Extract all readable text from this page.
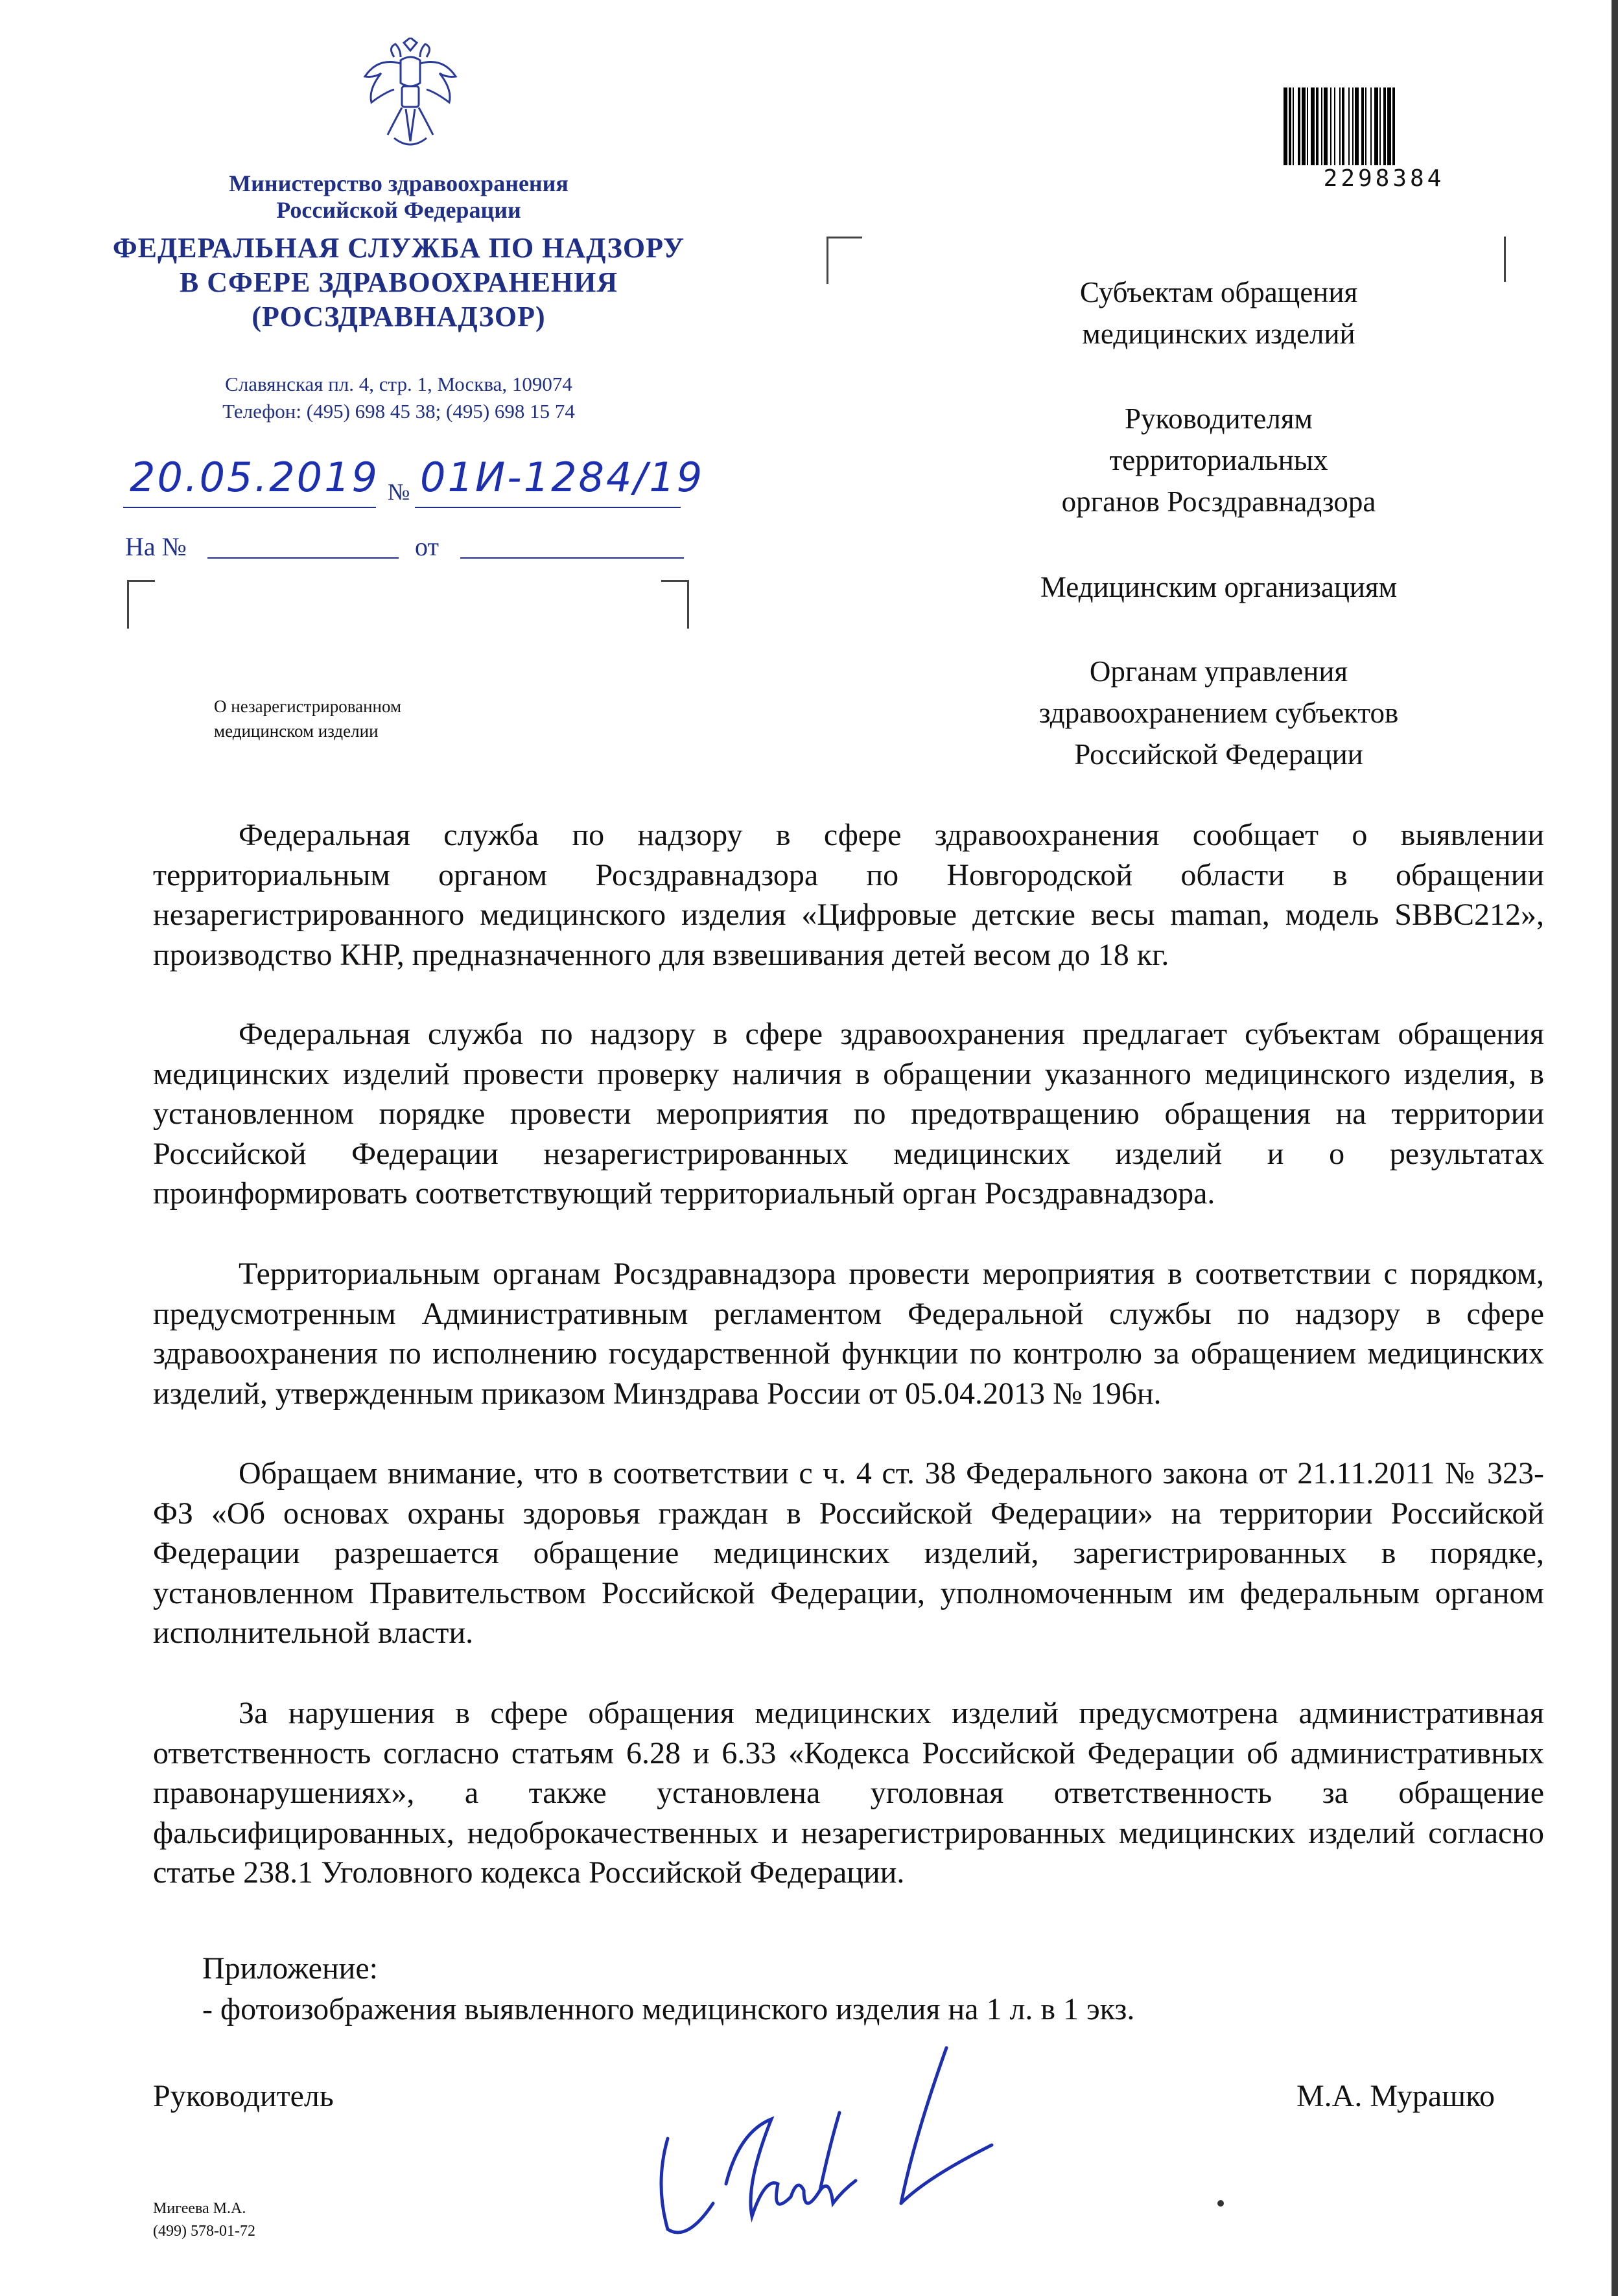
Министерство здравоохранения
Российской Федерации
ФЕДЕРАЛЬНАЯ СЛУЖБА ПО НАДЗОРУ
В СФЕРЕ ЗДРАВООХРАНЕНИЯ
(РОСЗДРАВНАДЗОР)
Славянская пл. 4, стр. 1, Москва, 109074
Телефон: (495) 698 45 38; (495) 698 15 74
20.05.2019 № 01И-1284/19
На №	от
О незарегистрированном
медицинском изделии
2298384
Субъектам обращения
медицинских изделий
Руководителям
территориальных
органов Росздравнадзора
Медицинским организациям
Органам управления
здравоохранением субъектов
Российской Федерации
Федеральная служба по надзору в сфере здравоохранения сообщает о выявлении территориальным органом Росздравнадзора по Новгородской области в обращении незарегистрированного медицинского изделия «Цифровые детские весы maman, модель SBBC212», производство КНР, предназначенного для взвешивания детей весом до 18 кг.
Федеральная служба по надзору в сфере здравоохранения предлагает субъектам обращения медицинских изделий провести проверку наличия в обращении указанного медицинского изделия, в установленном порядке провести мероприятия по предотвращению обращения на территории Российской Федерации незарегистрированных медицинских изделий и о результатах проинформировать соответствующий территориальный орган Росздравнадзора.
Территориальным органам Росздравнадзора провести мероприятия в соответствии с порядком, предусмотренным Административным регламентом Федеральной службы по надзору в сфере здравоохранения по исполнению государственной функции по контролю за обращением медицинских изделий, утвержденным приказом Минздрава России от 05.04.2013 № 196н.
Обращаем внимание, что в соответствии с ч. 4 ст. 38 Федерального закона от 21.11.2011 № 323-ФЗ «Об основах охраны здоровья граждан в Российской Федерации» на территории Российской Федерации разрешается обращение медицинских изделий, зарегистрированных в порядке, установленном Правительством Российской Федерации, уполномоченным им федеральным органом исполнительной власти.
За нарушения в сфере обращения медицинских изделий предусмотрена административная ответственность согласно статьям 6.28 и 6.33 «Кодекса Российской Федерации об административных правонарушениях», а также установлена уголовная ответственность за обращение фальсифицированных, недоброкачественных и незарегистрированных медицинских изделий согласно статье 238.1 Уголовного кодекса Российской Федерации.
Приложение:
- фотоизображения выявленного медицинского изделия на 1 л. в 1 экз.
Руководитель	М.А. Мурашко
Мигеева М.А.
(499) 578-01-72
